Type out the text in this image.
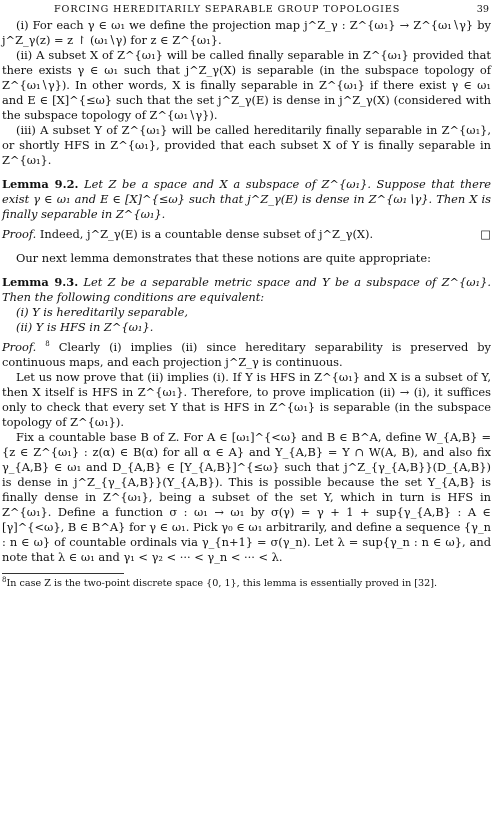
FORCING HEREDITARILY SEPARABLE GROUP TOPOLOGIES	39

(i) For each γ ∈ ω₁ we define the projection map j^Z_γ : Z^{ω₁} → Z^{ω₁∖γ} by j^Z_γ(z) = z ↾ (ω₁∖γ) for z ∈ Z^{ω₁}.

(ii) A subset X of Z^{ω₁} will be called finally separable in Z^{ω₁} provided that there exists γ ∈ ω₁ such that j^Z_γ(X) is separable (in the subspace topology of Z^{ω₁∖γ}). In other words, X is finally separable in Z^{ω₁} if there exist γ ∈ ω₁ and E ∈ [X]^{≤ω} such that the set j^Z_γ(E) is dense in j^Z_γ(X) (considered with the subspace topology of Z^{ω₁∖γ}).

(iii) A subset Y of Z^{ω₁} will be called hereditarily finally separable in Z^{ω₁}, or shortly HFS in Z^{ω₁}, provided that each subset X of Y is finally separable in Z^{ω₁}.

Lemma 9.2. Let Z be a space and X a subspace of Z^{ω₁}. Suppose that there exist γ ∈ ω₁ and E ∈ [X]^{≤ω} such that j^Z_γ(E) is dense in Z^{ω₁∖γ}. Then X is finally separable in Z^{ω₁}.

Proof. Indeed, j^Z_γ(E) is a countable dense subset of j^Z_γ(X).	□

Our next lemma demonstrates that these notions are quite appropriate:

Lemma 9.3. Let Z be a separable metric space and Y be a subspace of Z^{ω₁}. Then the following conditions are equivalent:

(i) Y is hereditarily separable,

(ii) Y is HFS in Z^{ω₁}.

Proof. $^8$ Clearly (i) implies (ii) since hereditary separability is preserved by continuous maps, and each projection j^Z_γ is continuous.

Let us now prove that (ii) implies (i). If Y is HFS in Z^{ω₁} and X is a subset of Y, then X itself is HFS in Z^{ω₁}. Therefore, to prove implication (ii) → (i), it suffices only to check that every set Y that is HFS in Z^{ω₁} is separable (in the subspace topology of Z^{ω₁}).

Fix a countable base B of Z. For A ∈ [ω₁]^{<ω} and B ∈ B^A, define W_{A,B} = {z ∈ Z^{ω₁} : z(α) ∈ B(α) for all α ∈ A} and Y_{A,B} = Y ∩ W(A, B), and also fix γ_{A,B} ∈ ω₁ and D_{A,B} ∈ [Y_{A,B}]^{≤ω} such that j^Z_{γ_{A,B}}(D_{A,B}) is dense in j^Z_{γ_{A,B}}(Y_{A,B}). This is possible because the set Y_{A,B} is finally dense in Z^{ω₁}, being a subset of the set Y, which in turn is HFS in Z^{ω₁}. Define a function σ : ω₁ → ω₁ by σ(γ) = γ + 1 + sup{γ_{A,B} : A ∈ [γ]^{<ω}, B ∈ B^A} for γ ∈ ω₁. Pick γ₀ ∈ ω₁ arbitrarily, and define a sequence {γ_n : n ∈ ω} of countable ordinals via γ_{n+1} = σ(γ_n). Let λ = sup{γ_n : n ∈ ω}, and note that λ ∈ ω₁ and γ₁ < γ₂ < ··· < γ_n < ··· < λ.

$^8$In case Z is the two-point discrete space {0, 1}, this lemma is essentially proved in [32].
